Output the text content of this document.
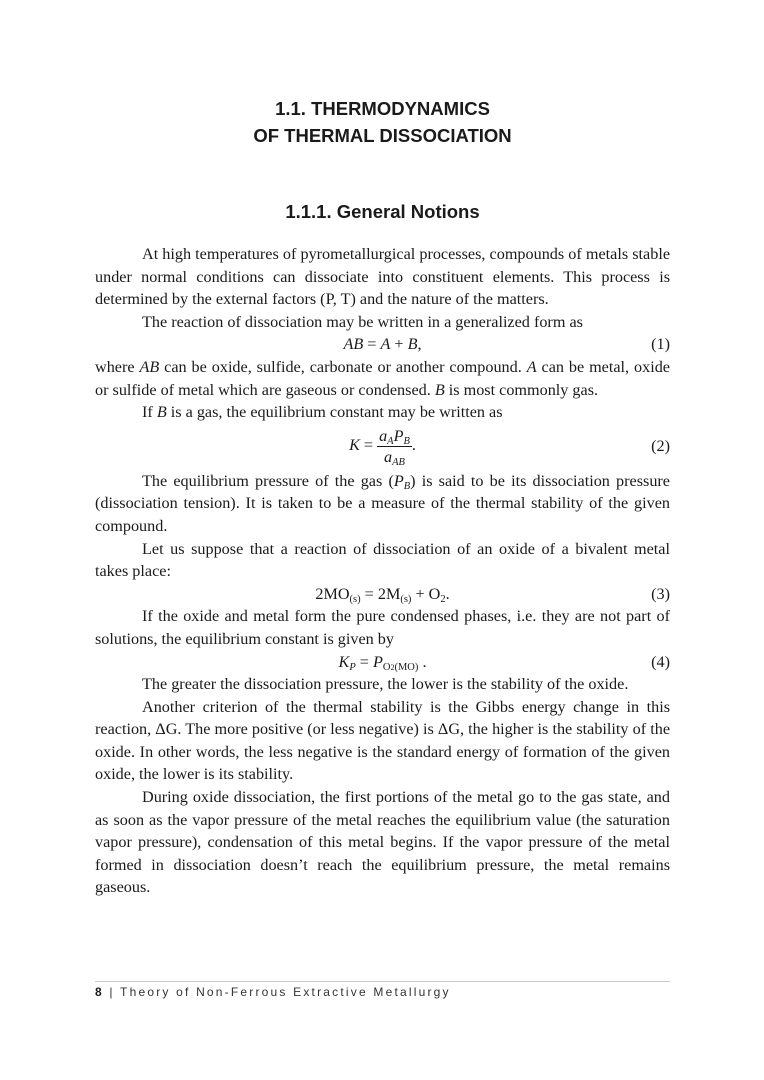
1.1. THERMODYNAMICS
OF THERMAL DISSOCIATION
1.1.1. General Notions

At high temperatures of pyrometallurgical processes, compounds of metals stable under normal conditions can dissociate into constituent elements. This process is determined by the external factors (P, T) and the nature of the matters.

The reaction of dissociation may be written in a generalized form as

AB = A + B,	(1)

where AB can be oxide, sulfide, carbonate or another compound. A can be metal, oxide or sulfide of metal which are gaseous or condensed. B is most commonly gas.

If B is a gas, the equilibrium constant may be written as

$K = \frac{a_AP_B}{a_{AB}}$ .	(2)

The equilibrium pressure of the gas $(P_B)$ is said to be its dissociation pressure (dissociation tension). It is taken to be a measure of the thermal stability of the given compound.

Let us suppose that a reaction of dissociation of an oxide of a bivalent metal takes place:

$2MO_{(s)} = 2M_{(s)} + O_2$.	(3)

If the oxide and metal form the pure condensed phases, i.e. they are not part of solutions, the equilibrium constant is given by

$K_P = P_{O2(MO)}$ .	(4)

The greater the dissociation pressure, the lower is the stability of the oxide.

Another criterion of the thermal stability is the Gibbs energy change in this reaction, ΔG. The more positive (or less negative) is ΔG, the higher is the stability of the oxide. In other words, the less negative is the standard energy of formation of the given oxide, the lower is its stability.

During oxide dissociation, the first portions of the metal go to the gas state, and as soon as the vapor pressure of the metal reaches the equilibrium value (the saturation vapor pressure), condensation of this metal begins. If the vapor pressure of the metal formed in dissociation doesn’t reach the equilibrium pressure, the metal remains gaseous.

8 | Theory of Non-Ferrous Extractive Metallurgy
